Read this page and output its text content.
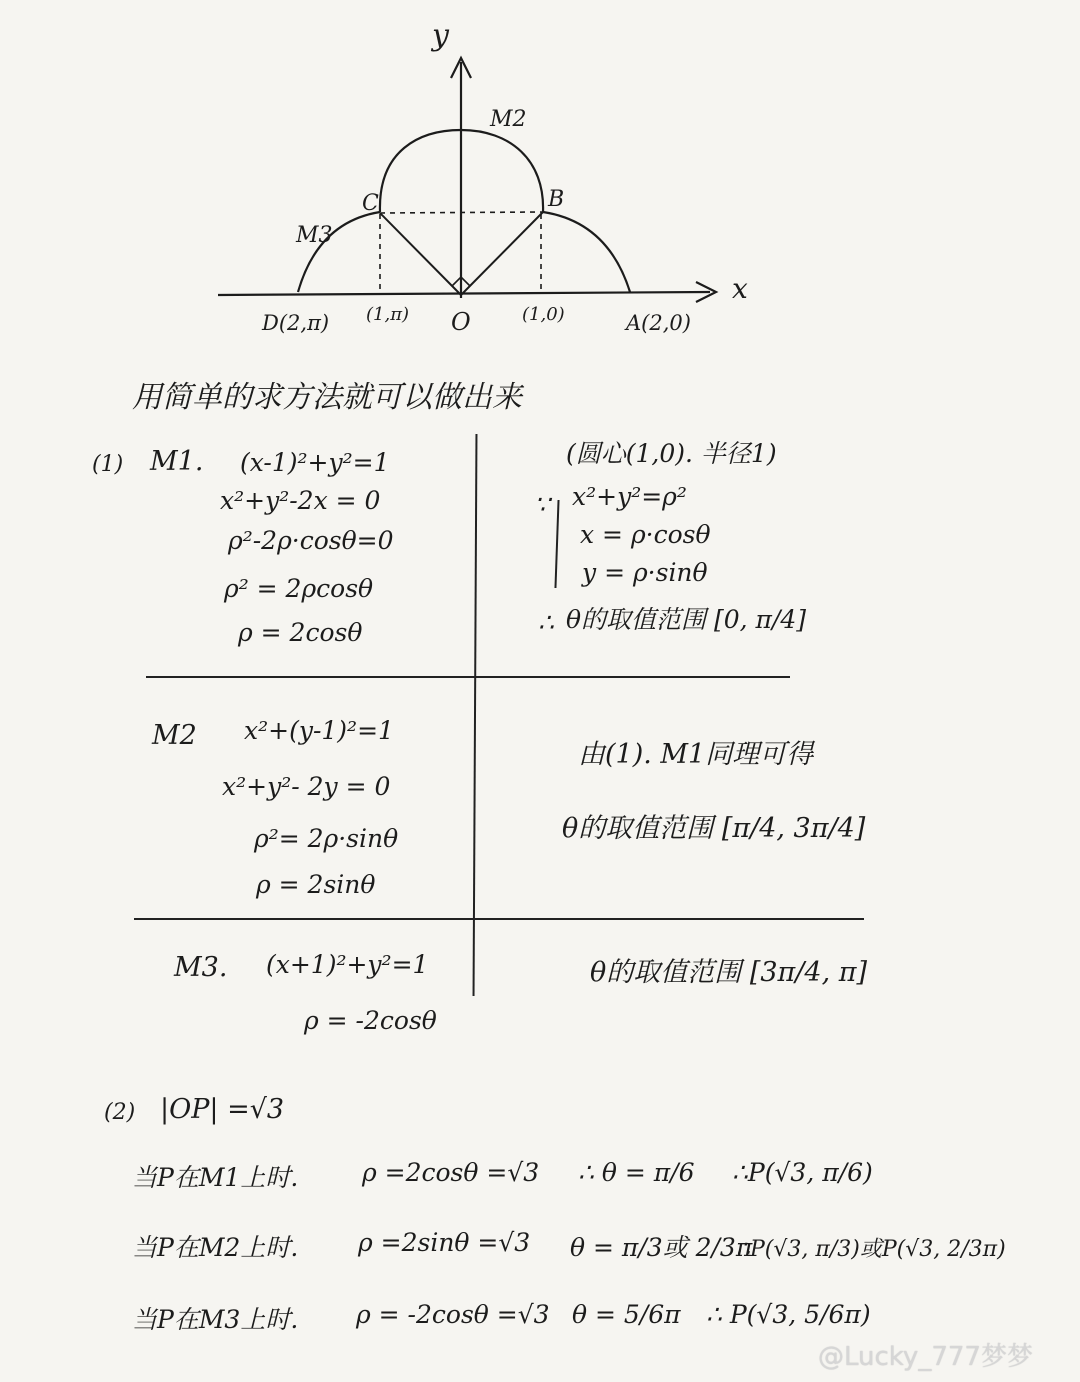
y
x
M2
M3
B
C
D(2,π) (1,π) O	(1,0)	A(2,0)
用简单的求方法就可以做出来
(1) M1. (x-1)²+y²=1
x²+y²-2x = 0
ρ²-2ρ·cosθ=0
ρ² = 2ρcosθ
ρ = 2cosθ
(圆心(1,0). 半径1)
∵ x²+y²=ρ²
x = ρ·cosθ
y = ρ·sinθ
∴ θ的取值范围 [0, π/4]
M2 x²+(y-1)²=1
x²+y²- 2y = 0
ρ²= 2ρ·sinθ
ρ = 2sinθ
由(1). M1同理可得
θ的取值范围 [π/4, 3π/4]
M3. (x+1)²+y²=1
ρ = -2cosθ
θ的取值范围 [3π/4, π]
(2) |OP| =√3
当P在M1上时.	ρ =2cosθ =√3 ∴ θ = π/6 ∴P(√3, π/6)
当P在M2上时. ρ =2sinθ =√3 θ = π/3或 2/3π
∴P(√3, π/3)或P(√3, 2/3π)
当P在M3上时. ρ = -2cosθ =√3 θ = 5/6π ∴ P(√3, 5/6π)
@Lucky_777梦梦
